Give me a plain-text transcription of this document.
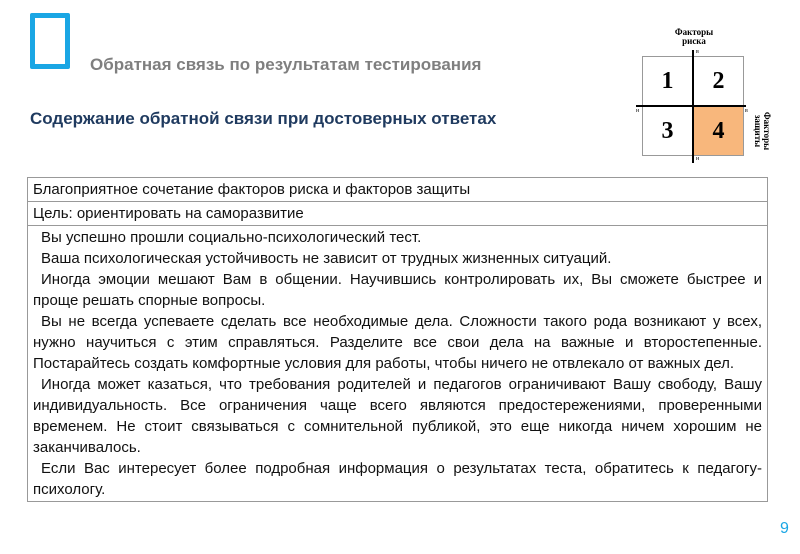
Обратная связь по результатам тестирования
Содержание обратной связи при достоверных ответах
Факторы риска
Факторы защиты
1	2
3	4
в
н
н	в
Благоприятное сочетание факторов риска и факторов защиты
Цель: ориентировать на саморазвитие

Вы успешно прошли социально-психологический тест.

Ваша психологическая устойчивость не зависит от трудных жизненных ситуаций.

Иногда эмоции мешают Вам в общении. Научившись контролировать их, Вы сможете быстрее и проще решать спорные вопросы.

Вы не всегда успеваете сделать все необходимые дела. Сложности такого рода возникают у всех, нужно научиться с этим справляться. Разделите все свои дела на важные и второстепенные. Постарайтесь создать комфортные условия для работы, чтобы ничего не отвлекало от важных дел.

Иногда может казаться, что требования родителей и педагогов ограничивают Вашу свободу, Вашу индивидуальность. Все ограничения чаще всего являются предостережениями, проверенными временем. Не стоит связываться с сомнительной публикой, это еще никогда ничем хорошим не заканчивалось.

Если Вас интересует более подробная информация о результатах теста, обратитесь к педагогу-психологу.

9
